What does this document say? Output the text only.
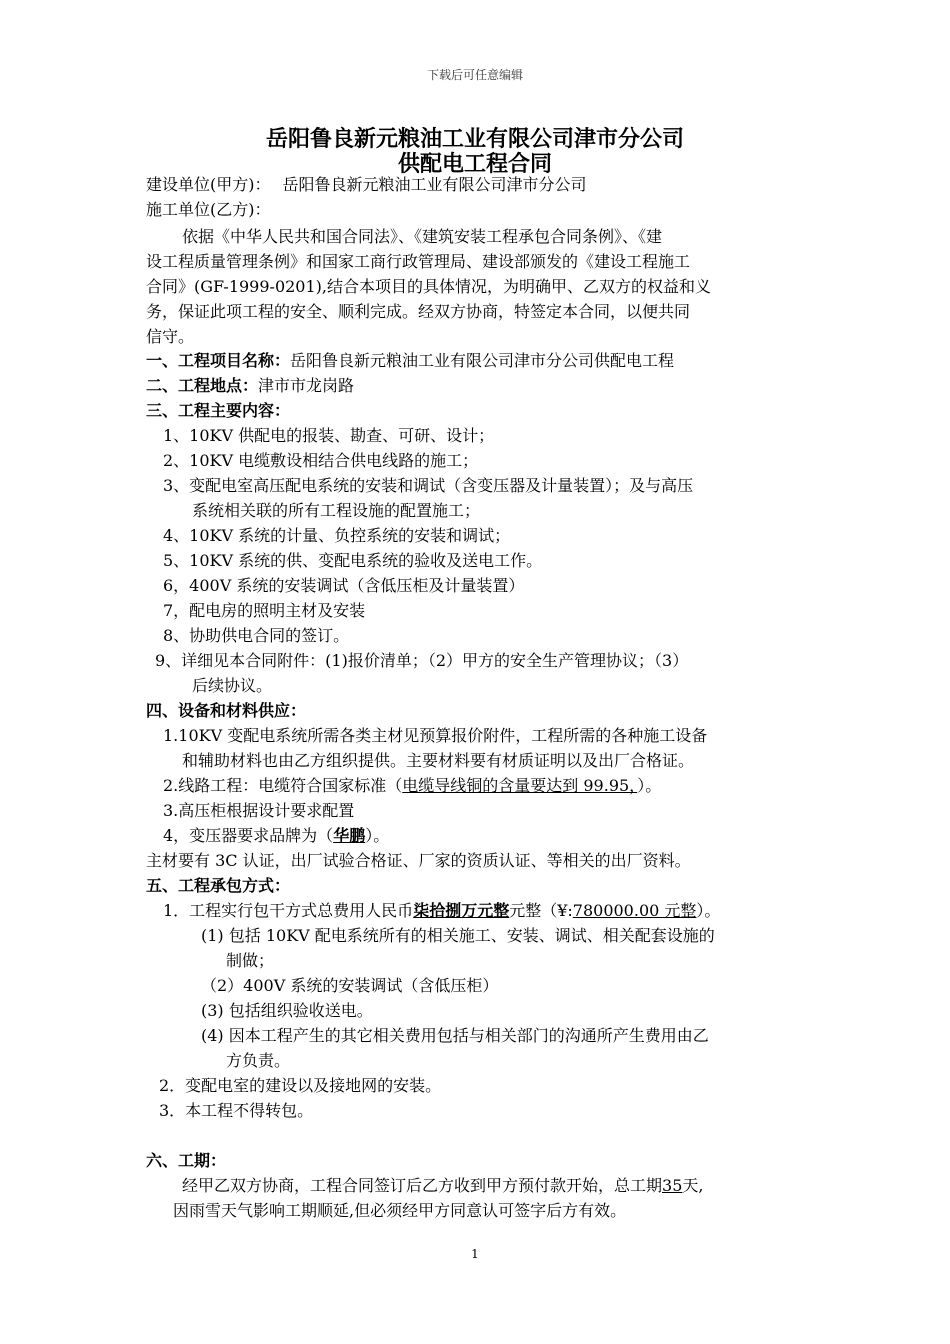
下载后可任意编辑
岳阳鲁良新元粮油工业有限公司津市分公司
供配电工程合同
建设单位(甲方)： 岳阳鲁良新元粮油工业有限公司津市分公司
施工单位(乙方)：
依据《中华人民共和国合同法》、《建筑安装工程承包合同条例》、《建
设工程质量管理条例》和国家工商行政管理局、建设部颁发的《建设工程施工
合同》(GF-1999-0201),结合本项目的具体情况，为明确甲、乙双方的权益和义
务，保证此项工程的安全、顺利完成。经双方协商，特签定本合同，以便共同
信守。
一、工程项目名称：岳阳鲁良新元粮油工业有限公司津市分公司供配电工程
二、工程地点：津市市龙岗路
三、工程主要内容：
1、10KV 供配电的报装、勘查、可研、设计；
2、10KV 电缆敷设相结合供电线路的施工；
3、变配电室高压配电系统的安装和调试（含变压器及计量装置）；及与高压
系统相关联的所有工程设施的配置施工；
4、10KV 系统的计量、负控系统的安装和调试；
5、10KV 系统的供、变配电系统的验收及送电工作。
6，400V 系统的安装调试（含低压柜及计量装置）
7，配电房的照明主材及安装
8、协助供电合同的签订。
9、详细见本合同附件：(1)报价清单；（2）甲方的安全生产管理协议；（3）
后续协议。
四、设备和材料供应：
1.10KV 变配电系统所需各类主材见预算报价附件，工程所需的各种施工设备
和辅助材料也由乙方组织提供。主要材料要有材质证明以及出厂合格证。
2.线路工程：电缆符合国家标准（电缆导线铜的含量要达到 99.95，）。
3.高压柜根据设计要求配置
4，变压器要求品牌为（华鹏）。
主材要有 3C 认证，出厂试验合格证、厂家的资质认证、等相关的出厂资料。
五、工程承包方式：
1．工程实行包干方式总费用人民币柒拾捌万元整元整（¥:780000.00 元整）。
(1) 包括 10KV 配电系统所有的相关施工、安装、调试、相关配套设施的
制做；
（2）400V 系统的安装调试（含低压柜）
(3) 包括组织验收送电。
(4) 因本工程产生的其它相关费用包括与相关部门的沟通所产生费用由乙
方负责。
2．变配电室的建设以及接地网的安装。
3．本工程不得转包。
六、工期：
经甲乙双方协商，工程合同签订后乙方收到甲方预付款开始，总工期35天,
因雨雪天气影响工期顺延,但必须经甲方同意认可签字后方有效。
1
